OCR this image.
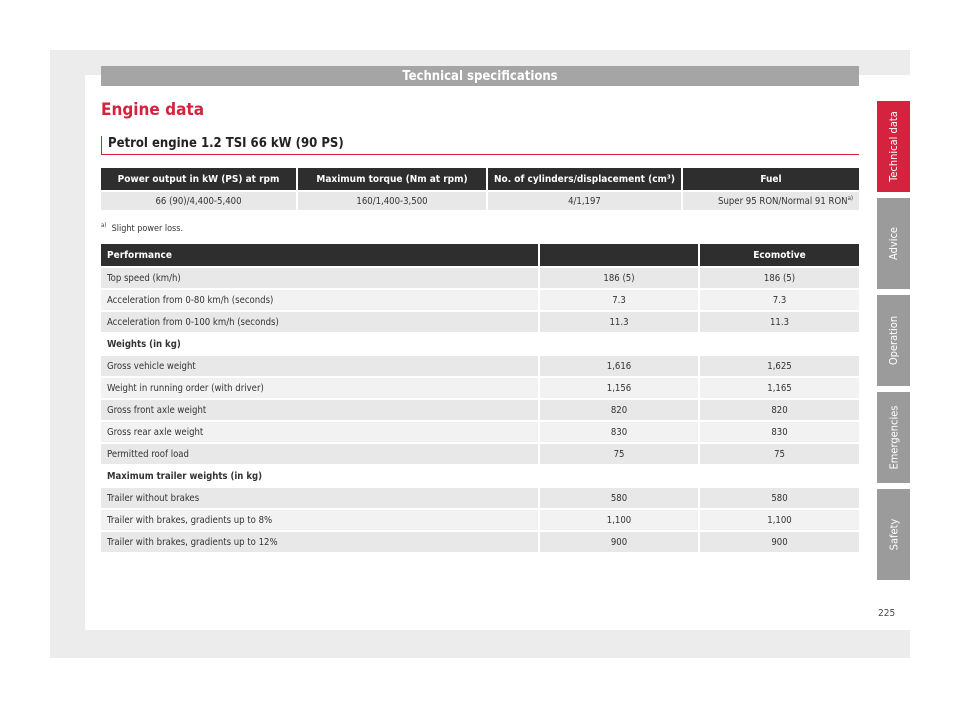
Technical specifications
Engine data
Petrol engine 1.2 TSI 66 kW (90 PS)
Power output in kW (PS) at rpm	Maximum torque (Nm at rpm)	No. of cylinders/displacement (cm³)	Fuel
66 (90)/4,400-5,400	160/1,400-3,500	4/1,197	Super 95 RON/Normal 91 RON$^{a)}$
$^{a)}$ Slight power loss.
Performance		Ecomotive
Top speed (km/h)	186 (5)	186 (5)
Acceleration from 0-80 km/h (seconds)	7.3	7.3
Acceleration from 0-100 km/h (seconds)	11.3	11.3
Weights (in kg)		
Gross vehicle weight	1,616	1,625
Weight in running order (with driver)	1,156	1,165
Gross front axle weight	820	820
Gross rear axle weight	830	830
Permitted roof load	75	75
Maximum trailer weights (in kg)		
Trailer without brakes	580	580
Trailer with brakes, gradients up to 8%	1,100	1,100
Trailer with brakes, gradients up to 12%	900	900
Technical data
Advice
Operation
Emergencies
Safety
225
